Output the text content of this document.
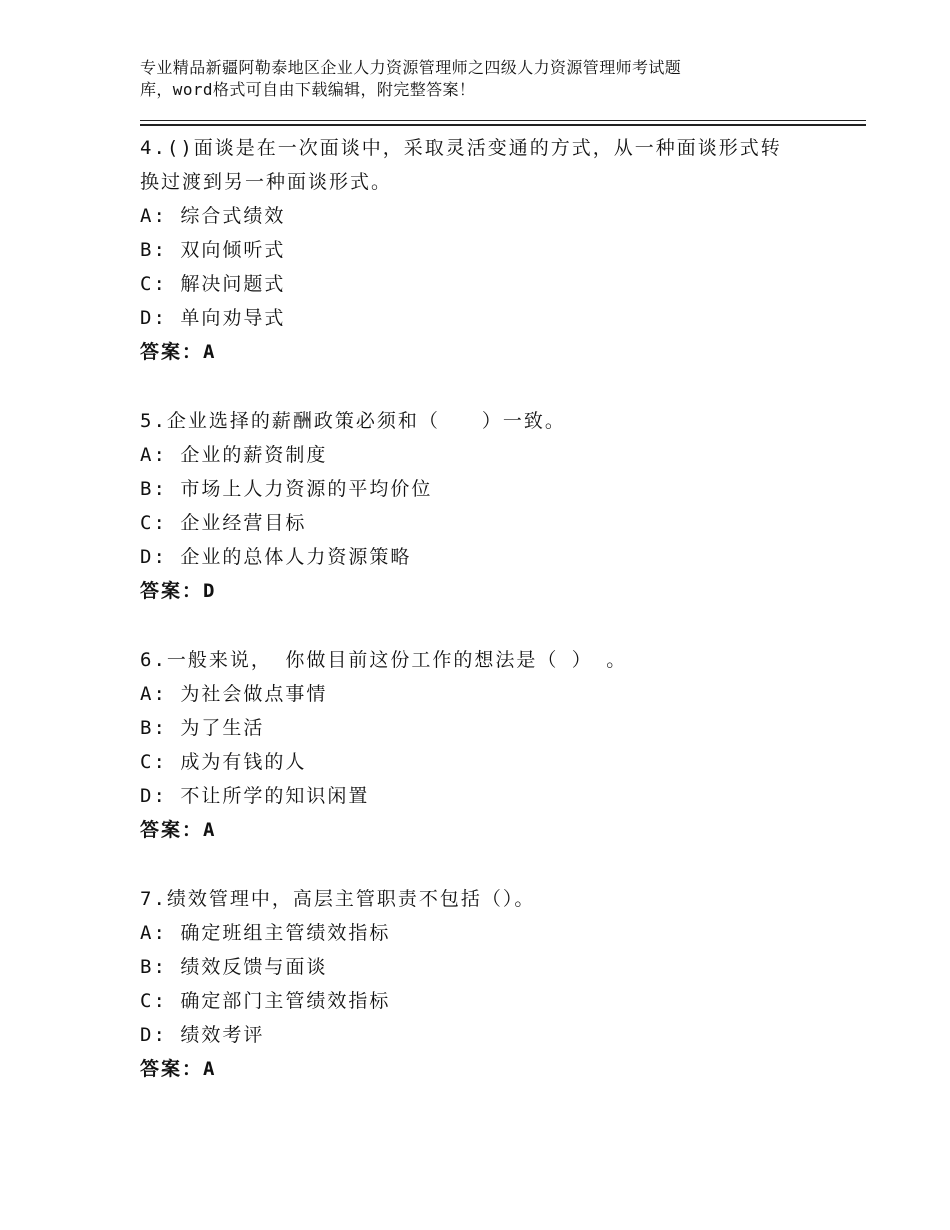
专业精品新疆阿勒泰地区企业人力资源管理师之四级人力资源管理师考试题
库，word格式可自由下载编辑，附完整答案！
4.()面谈是在一次面谈中，采取灵活变通的方式，从一种面谈形式转
换过渡到另一种面谈形式。
A: 综合式绩效
B: 双向倾听式
C: 解决问题式
D: 单向劝导式
答案：A
5.企业选择的薪酬政策必须和（　　）一致。
A: 企业的薪资制度
B: 市场上人力资源的平均价位
C: 企业经营目标
D: 企业的总体人力资源策略
答案：D
6.一般来说， 你做目前这份工作的想法是（ ） 。
A: 为社会做点事情
B: 为了生活
C: 成为有钱的人
D: 不让所学的知识闲置
答案：A
7.绩效管理中，高层主管职责不包括（）。
A: 确定班组主管绩效指标
B: 绩效反馈与面谈
C: 确定部门主管绩效指标
D: 绩效考评
答案：A
